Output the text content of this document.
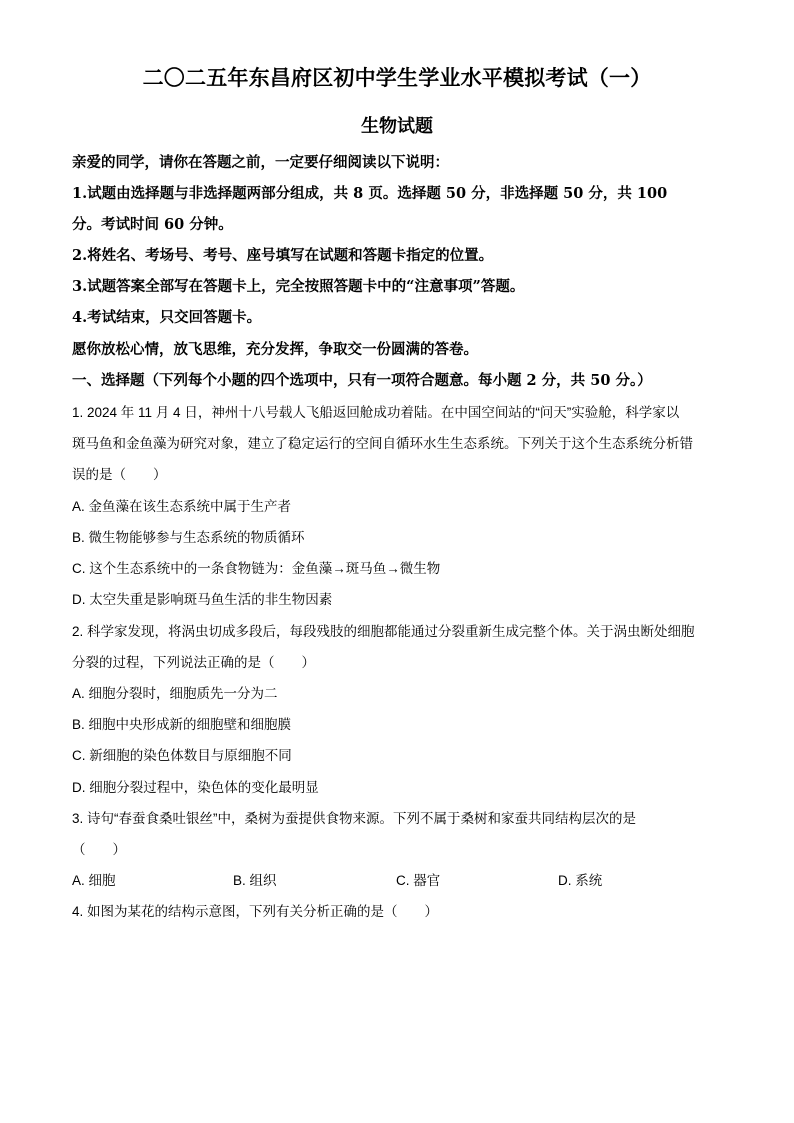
二〇二五年东昌府区初中学生学业水平模拟考试（一）
生物试题
亲爱的同学，请你在答题之前，一定要仔细阅读以下说明：
1.试题由选择题与非选择题两部分组成，共 8 页。选择题 50 分，非选择题 50 分，共 100
分。考试时间 60 分钟。
2.将姓名、考场号、考号、座号填写在试题和答题卡指定的位置。
3.试题答案全部写在答题卡上，完全按照答题卡中的“注意事项”答题。
4.考试结束，只交回答题卡。
愿你放松心情，放飞思维，充分发挥，争取交一份圆满的答卷。
一、选择题（下列每个小题的四个选项中，只有一项符合题意。每小题 2 分，共 50 分。）
1. 2024 年 11 月 4 日，神州十八号载人飞船返回舱成功着陆。在中国空间站的“问天”实验舱，科学家以
斑马鱼和金鱼藻为研究对象，建立了稳定运行的空间自循环水生生态系统。下列关于这个生态系统分析错
误的是（　　）
A. 金鱼藻在该生态系统中属于生产者
B. 微生物能够参与生态系统的物质循环
C. 这个生态系统中的一条食物链为：金鱼藻→斑马鱼→微生物
D. 太空失重是影响斑马鱼生活的非生物因素
2. 科学家发现，将涡虫切成多段后，每段残肢的细胞都能通过分裂重新生成完整个体。关于涡虫断处细胞
分裂的过程，下列说法正确的是（　　）
A. 细胞分裂时，细胞质先一分为二
B. 细胞中央形成新的细胞壁和细胞膜
C. 新细胞的染色体数目与原细胞不同
D. 细胞分裂过程中，染色体的变化最明显
3. 诗句“春蚕食桑吐银丝”中，桑树为蚕提供食物来源。下列不属于桑树和家蚕共同结构层次的是
（　　）
A. 细胞	B. 组织	C. 器官	D. 系统
4. 如图为某花的结构示意图，下列有关分析正确的是（　　）
